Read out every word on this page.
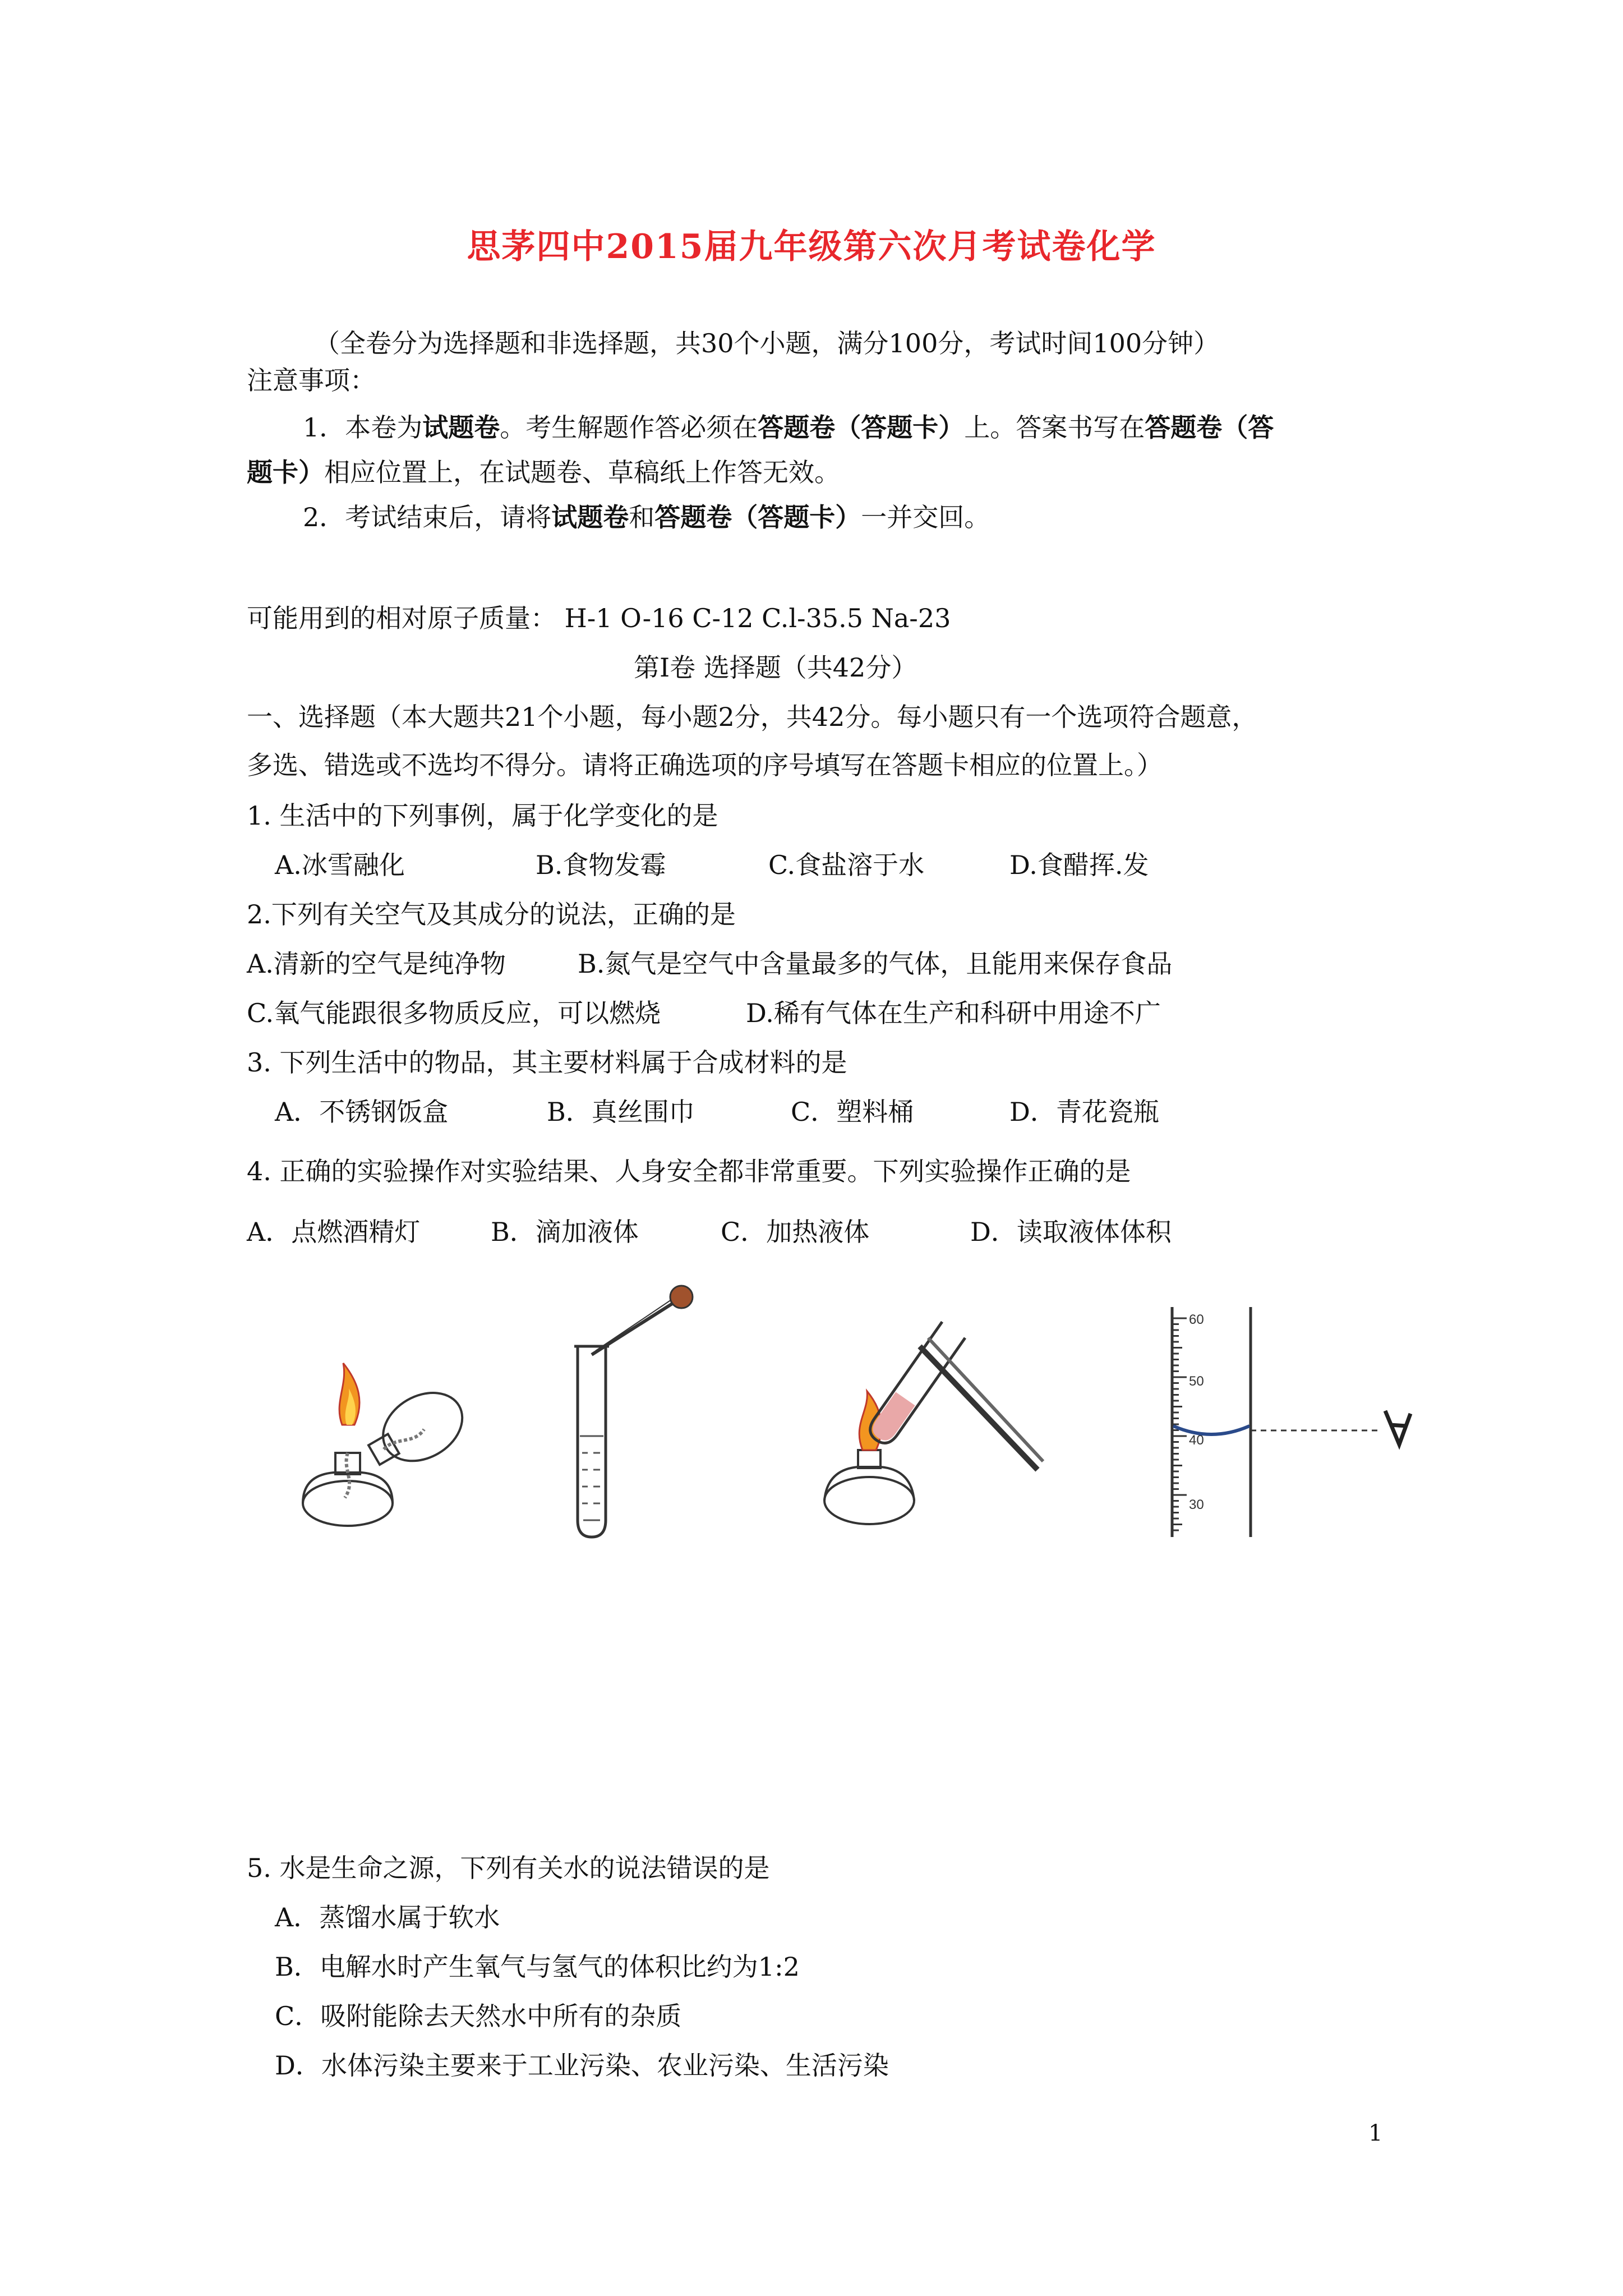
思茅四中2015届九年级第六次月考试卷化学
（全卷分为选择题和非选择题，共30个小题，满分100分，考试时间100分钟）
注意事项：
1．本卷为试题卷。考生解题作答必须在答题卷（答题卡）上。答案书写在答题卷（答
题卡）相应位置上，在试题卷、草稿纸上作答无效。
2．考试结束后，请将试题卷和答题卷（答题卡）一并交回。
可能用到的相对原子质量： H-1 O-16 C-12 C.l-35.5 Na-23
第Ⅰ卷 选择题（共42分）
一、选择题（本大题共21个小题，每小题2分，共42分。每小题只有一个选项符合题意，
多选、错选或不选均不得分。请将正确选项的序号填写在答题卡相应的位置上。）
1. 生活中的下列事例，属于化学变化的是
A.冰雪融化	B.食物发霉	C.食盐溶于水	D.食醋挥.发
2.下列有关空气及其成分的说法，正确的是
A.清新的空气是纯净物	B.氮气是空气中含量最多的气体，且能用来保存食品
C.氧气能跟很多物质反应，可以燃烧	D.稀有气体在生产和科研中用途不广
3. 下列生活中的物品，其主要材料属于合成材料的是
A．不锈钢饭盒	B．真丝围巾	C．塑料桶	D．青花瓷瓶
4. 正确的实验操作对实验结果、人身安全都非常重要。下列实验操作正确的是
A．点燃酒精灯	B．滴加液体	C．加热液体	D．读取液体体积
60
50
40
30
5. 水是生命之源，下列有关水的说法错误的是
A．蒸馏水属于软水
B．电解水时产生氧气与氢气的体积比约为1:2
C．吸附能除去天然水中所有的杂质
D．水体污染主要来于工业污染、农业污染、生活污染
1
